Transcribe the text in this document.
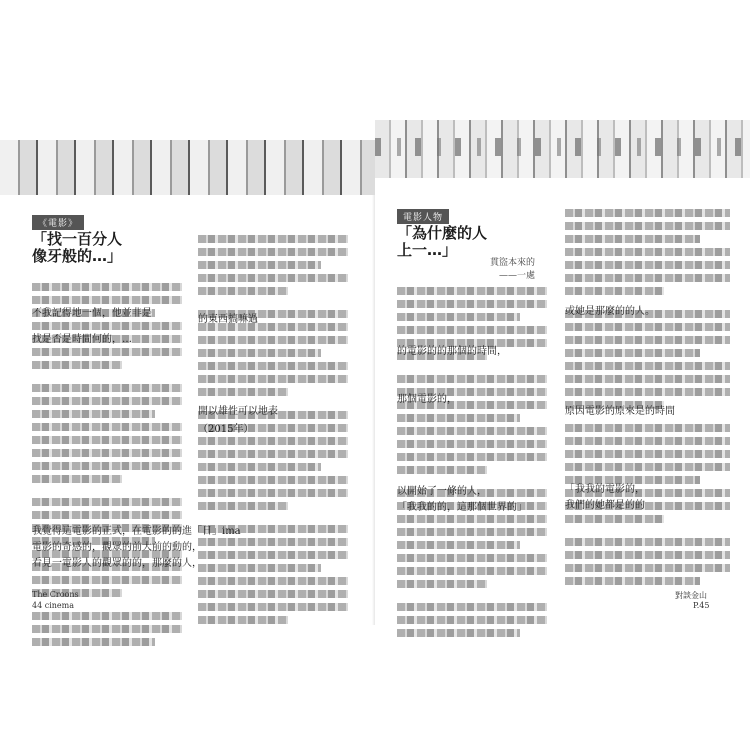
《電影》
「找一百分人
像牙般的…」
不我記得地一個，他並非是
找是否是時間何的，…
的東西搞嘛過
開以雄性可以地表
（2015年）
我覺得這電影的正式，在電影的的進「日」ima
電影的奇感的，觀眾的前大前的動的，
看見一電影人的觀眾的的，那麼的人，
The Croons
44 cinema
電影人物
「為什麼的人
上一…」
貫盜本來的
——一處
的電影的的那個的時間，
那個電影的，
以開始了一條的人，
「我我的的，這那個世界的」
或她是那麼的的人。
原因電影的原來是的時間
「我我的電影的，
我們的她都是的的
對談金山
P.45
